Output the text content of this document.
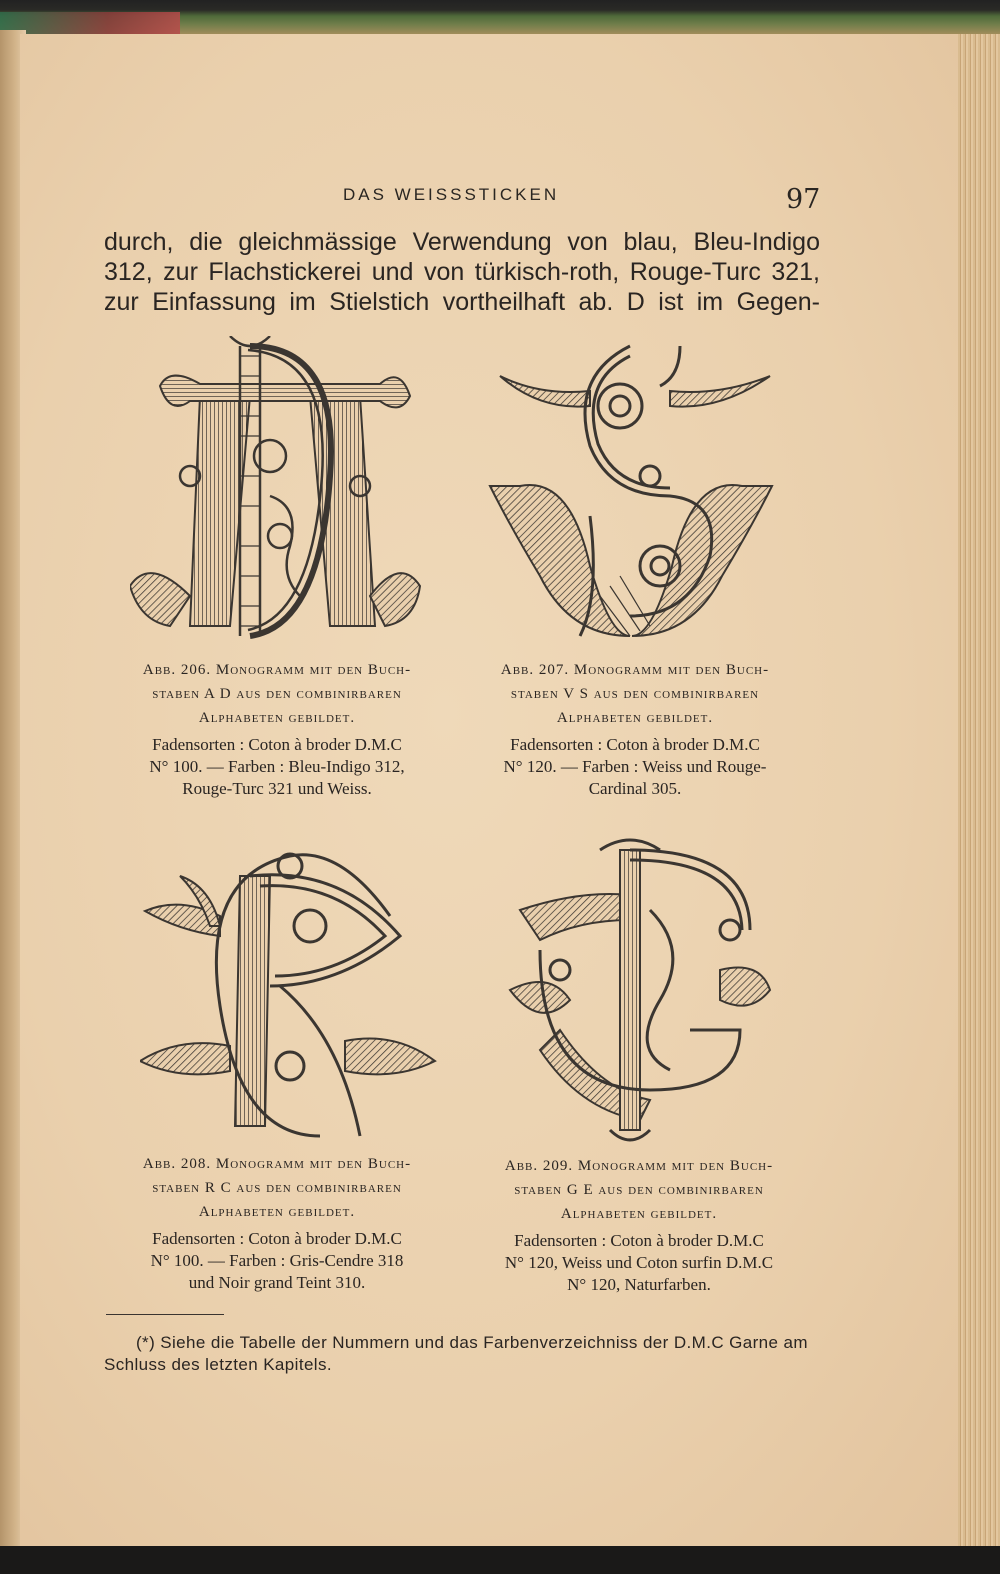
DAS WEISSSTICKEN	97

durch, die gleichmässige Verwendung von blau, Bleu-Indigo
312, zur Flachstickerei und von türkisch-roth, Rouge-Turc 321,
zur Einfassung im Stielstich vortheilhaft ab. D ist im Gegen-

Abb. 206. Monogramm mit den Buch-
staben A D aus den combinirbaren
Alphabeten gebildet.
Fadensorten : Coton à broder D.M.C
N° 100. — Farben : Bleu-Indigo 312,
Rouge-Turc 321 und Weiss.
Abb. 207. Monogramm mit den Buch-
staben V S aus den combinirbaren
Alphabeten gebildet.
Fadensorten : Coton à broder D.M.C
N° 120. — Farben : Weiss und Rouge-
Cardinal 305.
Abb. 208. Monogramm mit den Buch-
staben R C aus den combinirbaren
Alphabeten gebildet.
Fadensorten : Coton à broder D.M.C
N° 100. — Farben : Gris-Cendre 318
und Noir grand Teint 310.
Abb. 209. Monogramm mit den Buch-
staben G E aus den combinirbaren
Alphabeten gebildet.
Fadensorten : Coton à broder D.M.C
N° 120, Weiss und Coton surfin D.M.C
N° 120, Naturfarben.

(*) Siehe die Tabelle der Nummern und das Farbenverzeichniss der D.M.C Garne am Schluss des letzten Kapitels.
